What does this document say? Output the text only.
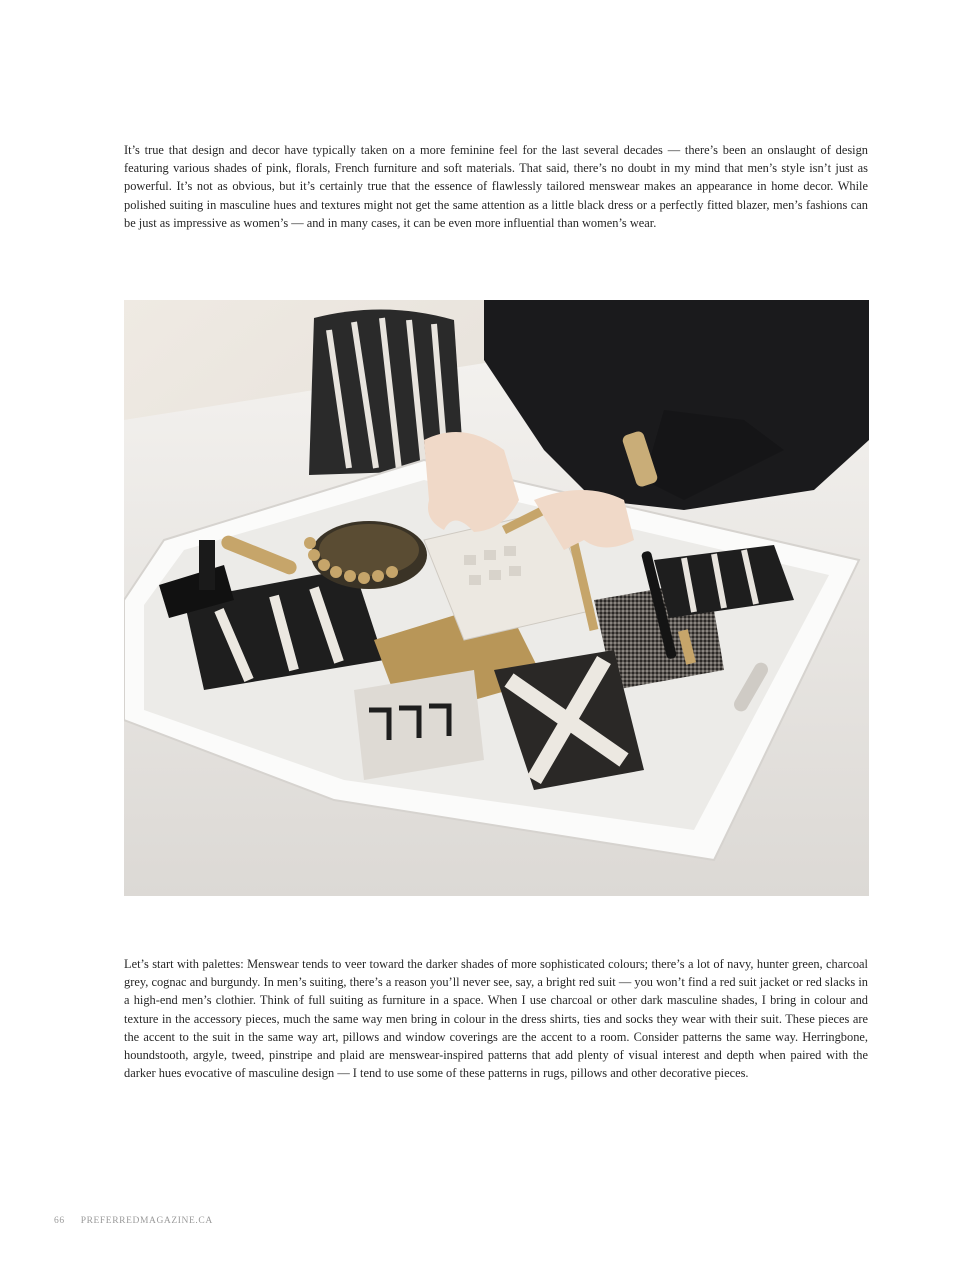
It’s true that design and decor have typically taken on a more feminine feel for the last several decades — there’s been an onslaught of design featuring various shades of pink, florals, French furniture and soft materials. That said, there’s no doubt in my mind that men’s style isn’t just as powerful. It’s not as obvious, but it’s certainly true that the essence of flawlessly tailored menswear makes an appearance in home decor. While polished suiting in masculine hues and textures might not get the same attention as a little black dress or a perfectly fitted blazer, men’s fashions can be just as impressive as women’s — and in many cases, it can be even more influential than women’s wear.

Let’s start with palettes: Menswear tends to veer toward the darker shades of more sophisticated colours; there’s a lot of navy, hunter green, charcoal grey, cognac and burgundy. In men’s suiting, there’s a reason you’ll never see, say, a bright red suit — you won’t find a red suit jacket or red slacks in a high-end men’s clothier. Think of full suiting as furniture in a space. When I use charcoal or other dark masculine shades, I bring in colour and texture in the accessory pieces, much the same way men bring in colour in the dress shirts, ties and socks they wear with their suit. These pieces are the accent to the suit in the same way art, pillows and window coverings are the accent to a room. Consider patterns the same way. Herringbone, houndstooth, argyle, tweed, pinstripe and plaid are menswear-inspired patterns that add plenty of visual interest and depth when paired with the darker hues evocative of masculine design — I tend to use some of these patterns in rugs, pillows and other decorative pieces.

66 PREFERREDMAGAZINE.CA
